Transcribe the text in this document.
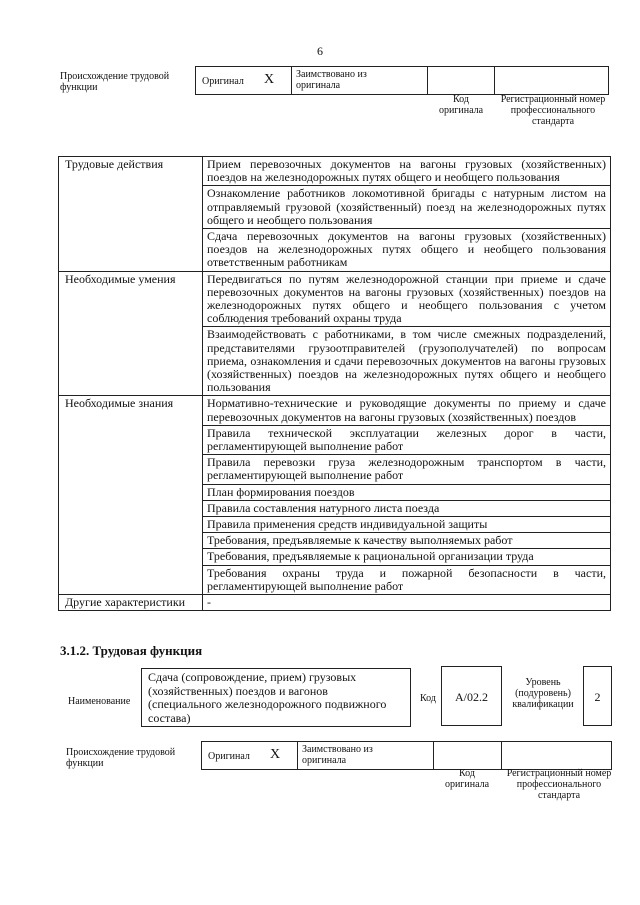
6
Происхождение трудовой функции
Оригинал X Заимствовано из оригинала
Код оригинала
Регистрационный номер профессионального стандарта
Трудовые действия	Прием перевозочных документов на вагоны грузовых (хозяйственных) поездов на железнодорожных путях общего и необщего пользования
	Ознакомление работников локомотивной бригады с натурным листом на отправляемый грузовой (хозяйственный) поезд на железнодорожных путях общего и необщего пользования
	Сдача перевозочных документов на вагоны грузовых (хозяйственных) поездов на железнодорожных путях общего и необщего пользования ответственным работникам
Необходимые умения	Передвигаться по путям железнодорожной станции при приеме и сдаче перевозочных документов на вагоны грузовых (хозяйственных) поездов на железнодорожных путях общего и необщего пользования с учетом соблюдения требований охраны труда
	Взаимодействовать с работниками, в том числе смежных подразделений, представителями грузоотправителей (грузополучателей) по вопросам приема, ознакомления и сдачи перевозочных документов на вагоны грузовых (хозяйственных) поездов на железнодорожных путях общего и необщего пользования
Необходимые знания	Нормативно-технические и руководящие документы по приему и сдаче перевозочных документов на вагоны грузовых (хозяйственных) поездов
	Правила технической эксплуатации железных дорог в части, регламентирующей выполнение работ
	Правила перевозки груза железнодорожным транспортом в части, регламентирующей выполнение работ
	План формирования поездов
	Правила составления натурного листа поезда
	Правила применения средств индивидуальной защиты
	Требования, предъявляемые к качеству выполняемых работ
	Требования, предъявляемые к рациональной организации труда
	Требования охраны труда и пожарной безопасности в части, регламентирующей выполнение работ
Другие характеристики	-
3.1.2. Трудовая функция
Наименование
Сдача (сопровождение, прием) грузовых (хозяйственных) поездов и вагонов (специального железнодорожного подвижного состава)
Код	А/02.2
Уровень (подуровень) квалификации
2
Происхождение трудовой функции
Оригинал X Заимствовано из оригинала
Код оригинала
Регистрационный номер профессионального стандарта
